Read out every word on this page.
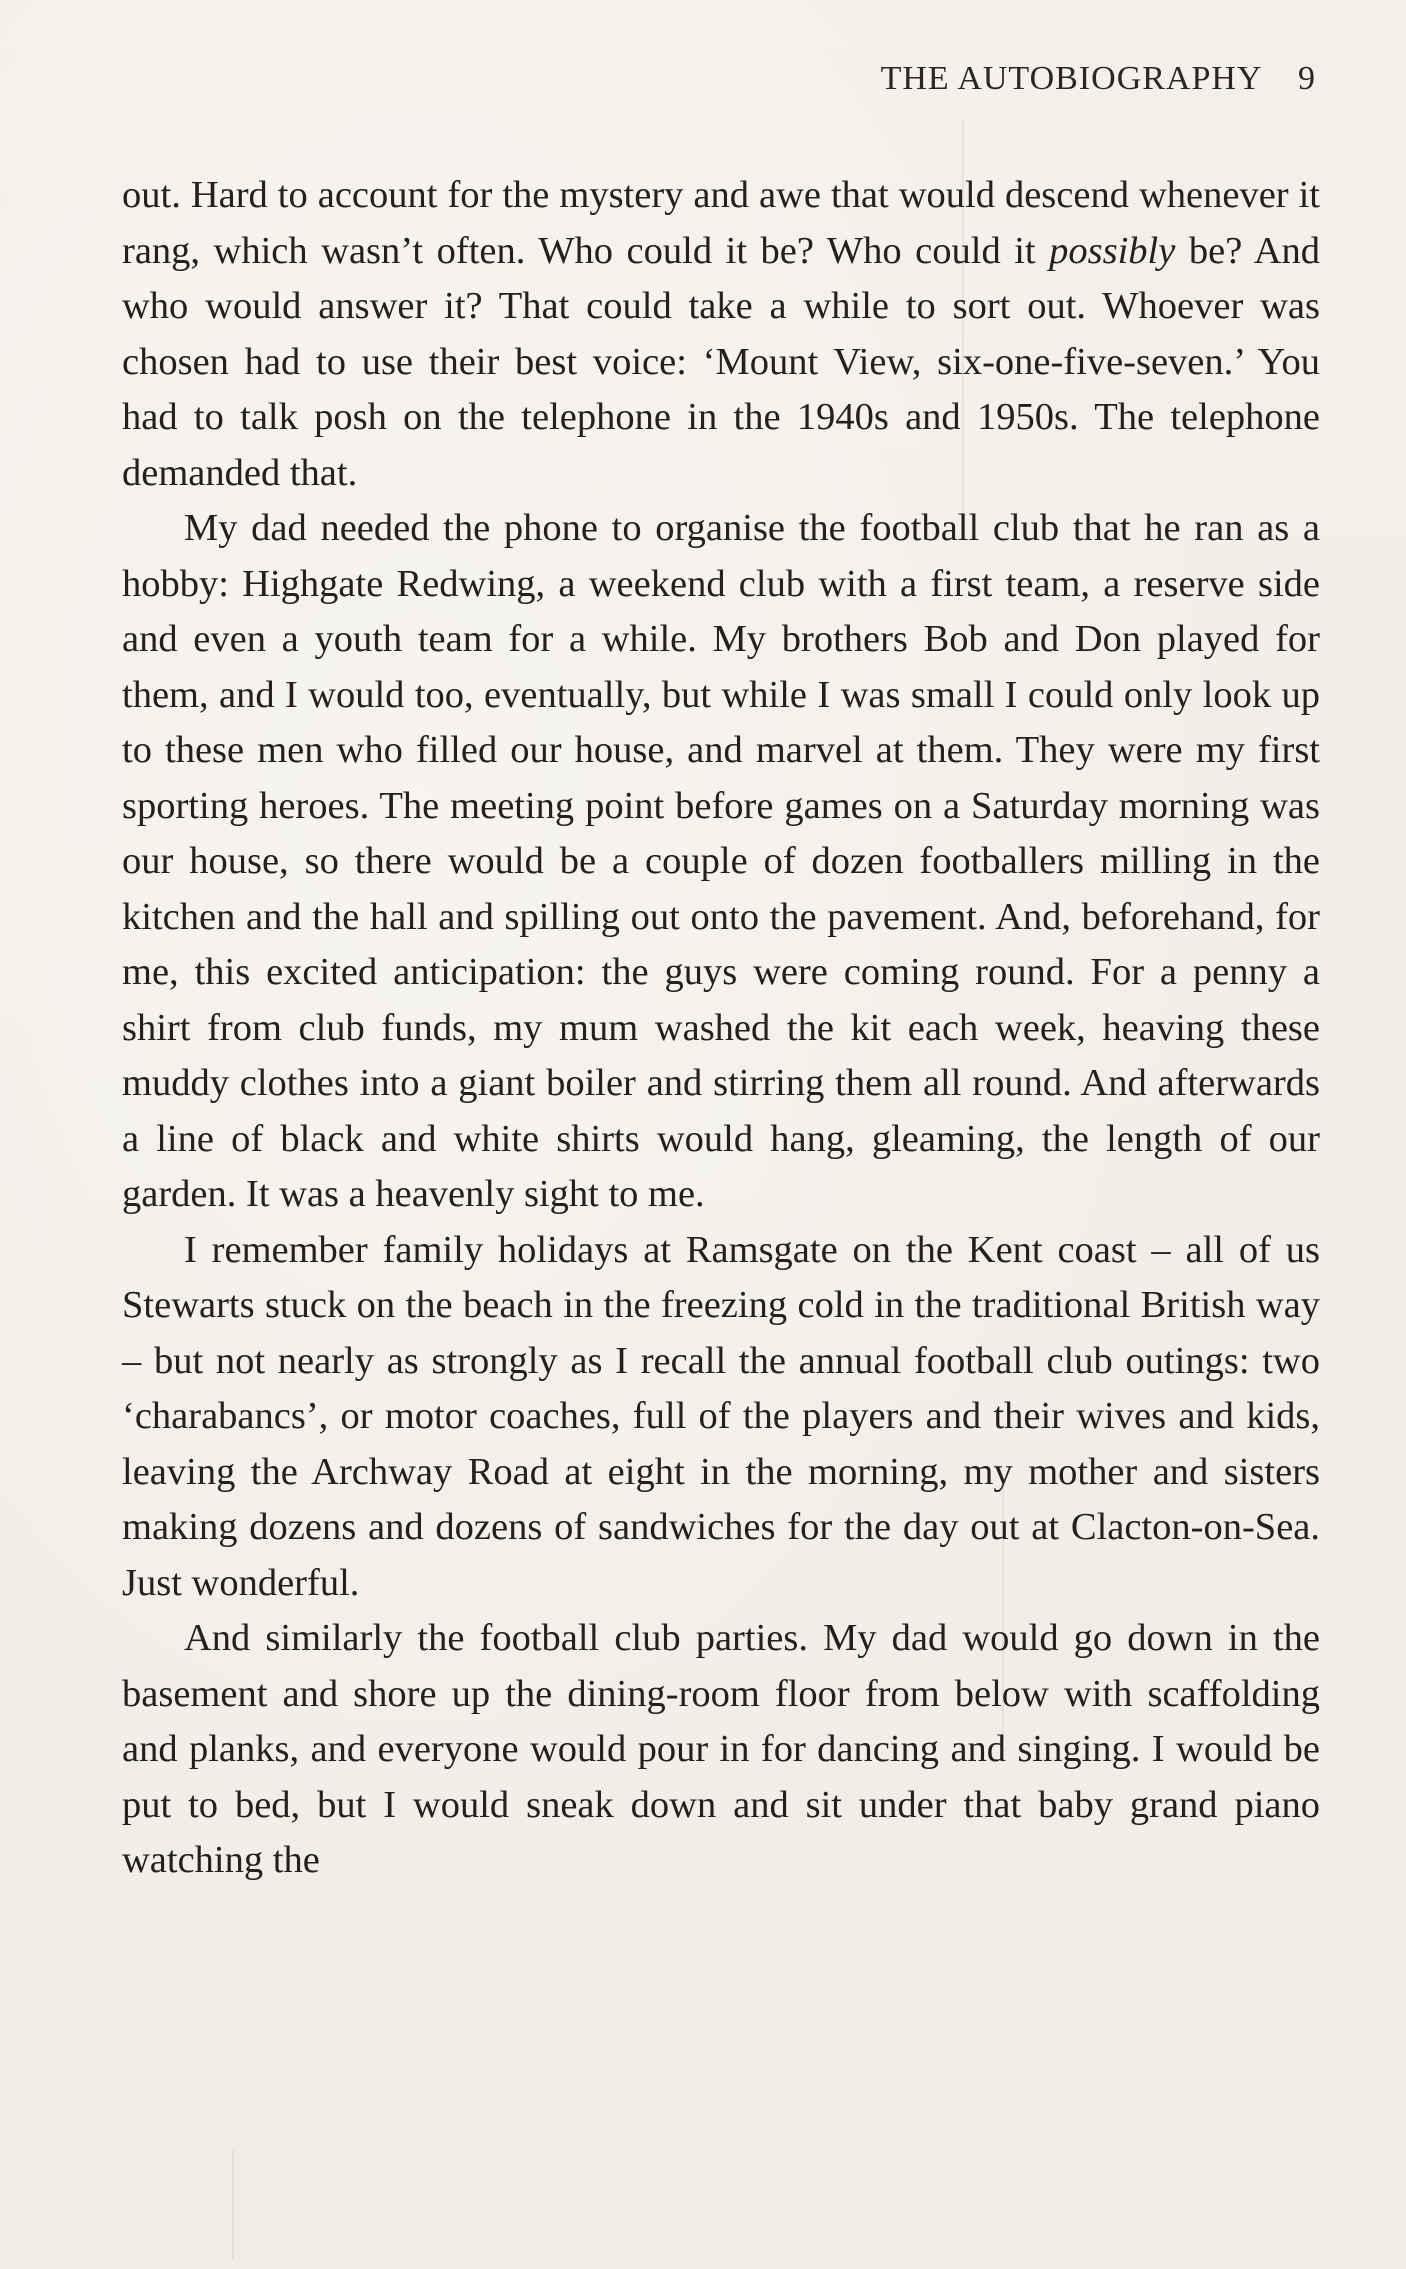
THE AUTOBIOGRAPHY 9

out. Hard to account for the mystery and awe that would descend whenever it rang, which wasn’t often. Who could it be? Who could it possibly be? And who would answer it? That could take a while to sort out. Whoever was chosen had to use their best voice: ‘Mount View, six-one-five-seven.’ You had to talk posh on the telephone in the 1940s and 1950s. The telephone demanded that.

My dad needed the phone to organise the football club that he ran as a hobby: Highgate Redwing, a weekend club with a first team, a reserve side and even a youth team for a while. My brothers Bob and Don played for them, and I would too, eventually, but while I was small I could only look up to these men who filled our house, and marvel at them. They were my first sporting heroes. The meeting point before games on a Saturday morning was our house, so there would be a couple of dozen footballers milling in the kitchen and the hall and spilling out onto the pavement. And, beforehand, for me, this excited anticipation: the guys were coming round. For a penny a shirt from club funds, my mum washed the kit each week, heaving these muddy clothes into a giant boiler and stirring them all round. And afterwards a line of black and white shirts would hang, gleaming, the length of our garden. It was a heavenly sight to me.

I remember family holidays at Ramsgate on the Kent coast – all of us Stewarts stuck on the beach in the freezing cold in the traditional British way – but not nearly as strongly as I recall the annual football club outings: two ‘charabancs’, or motor coaches, full of the players and their wives and kids, leaving the Archway Road at eight in the morning, my mother and sisters making dozens and dozens of sandwiches for the day out at Clacton-on-Sea. Just wonderful.

And similarly the football club parties. My dad would go down in the basement and shore up the dining-room floor from below with scaffolding and planks, and everyone would pour in for dancing and singing. I would be put to bed, but I would sneak down and sit under that baby grand piano watching the
